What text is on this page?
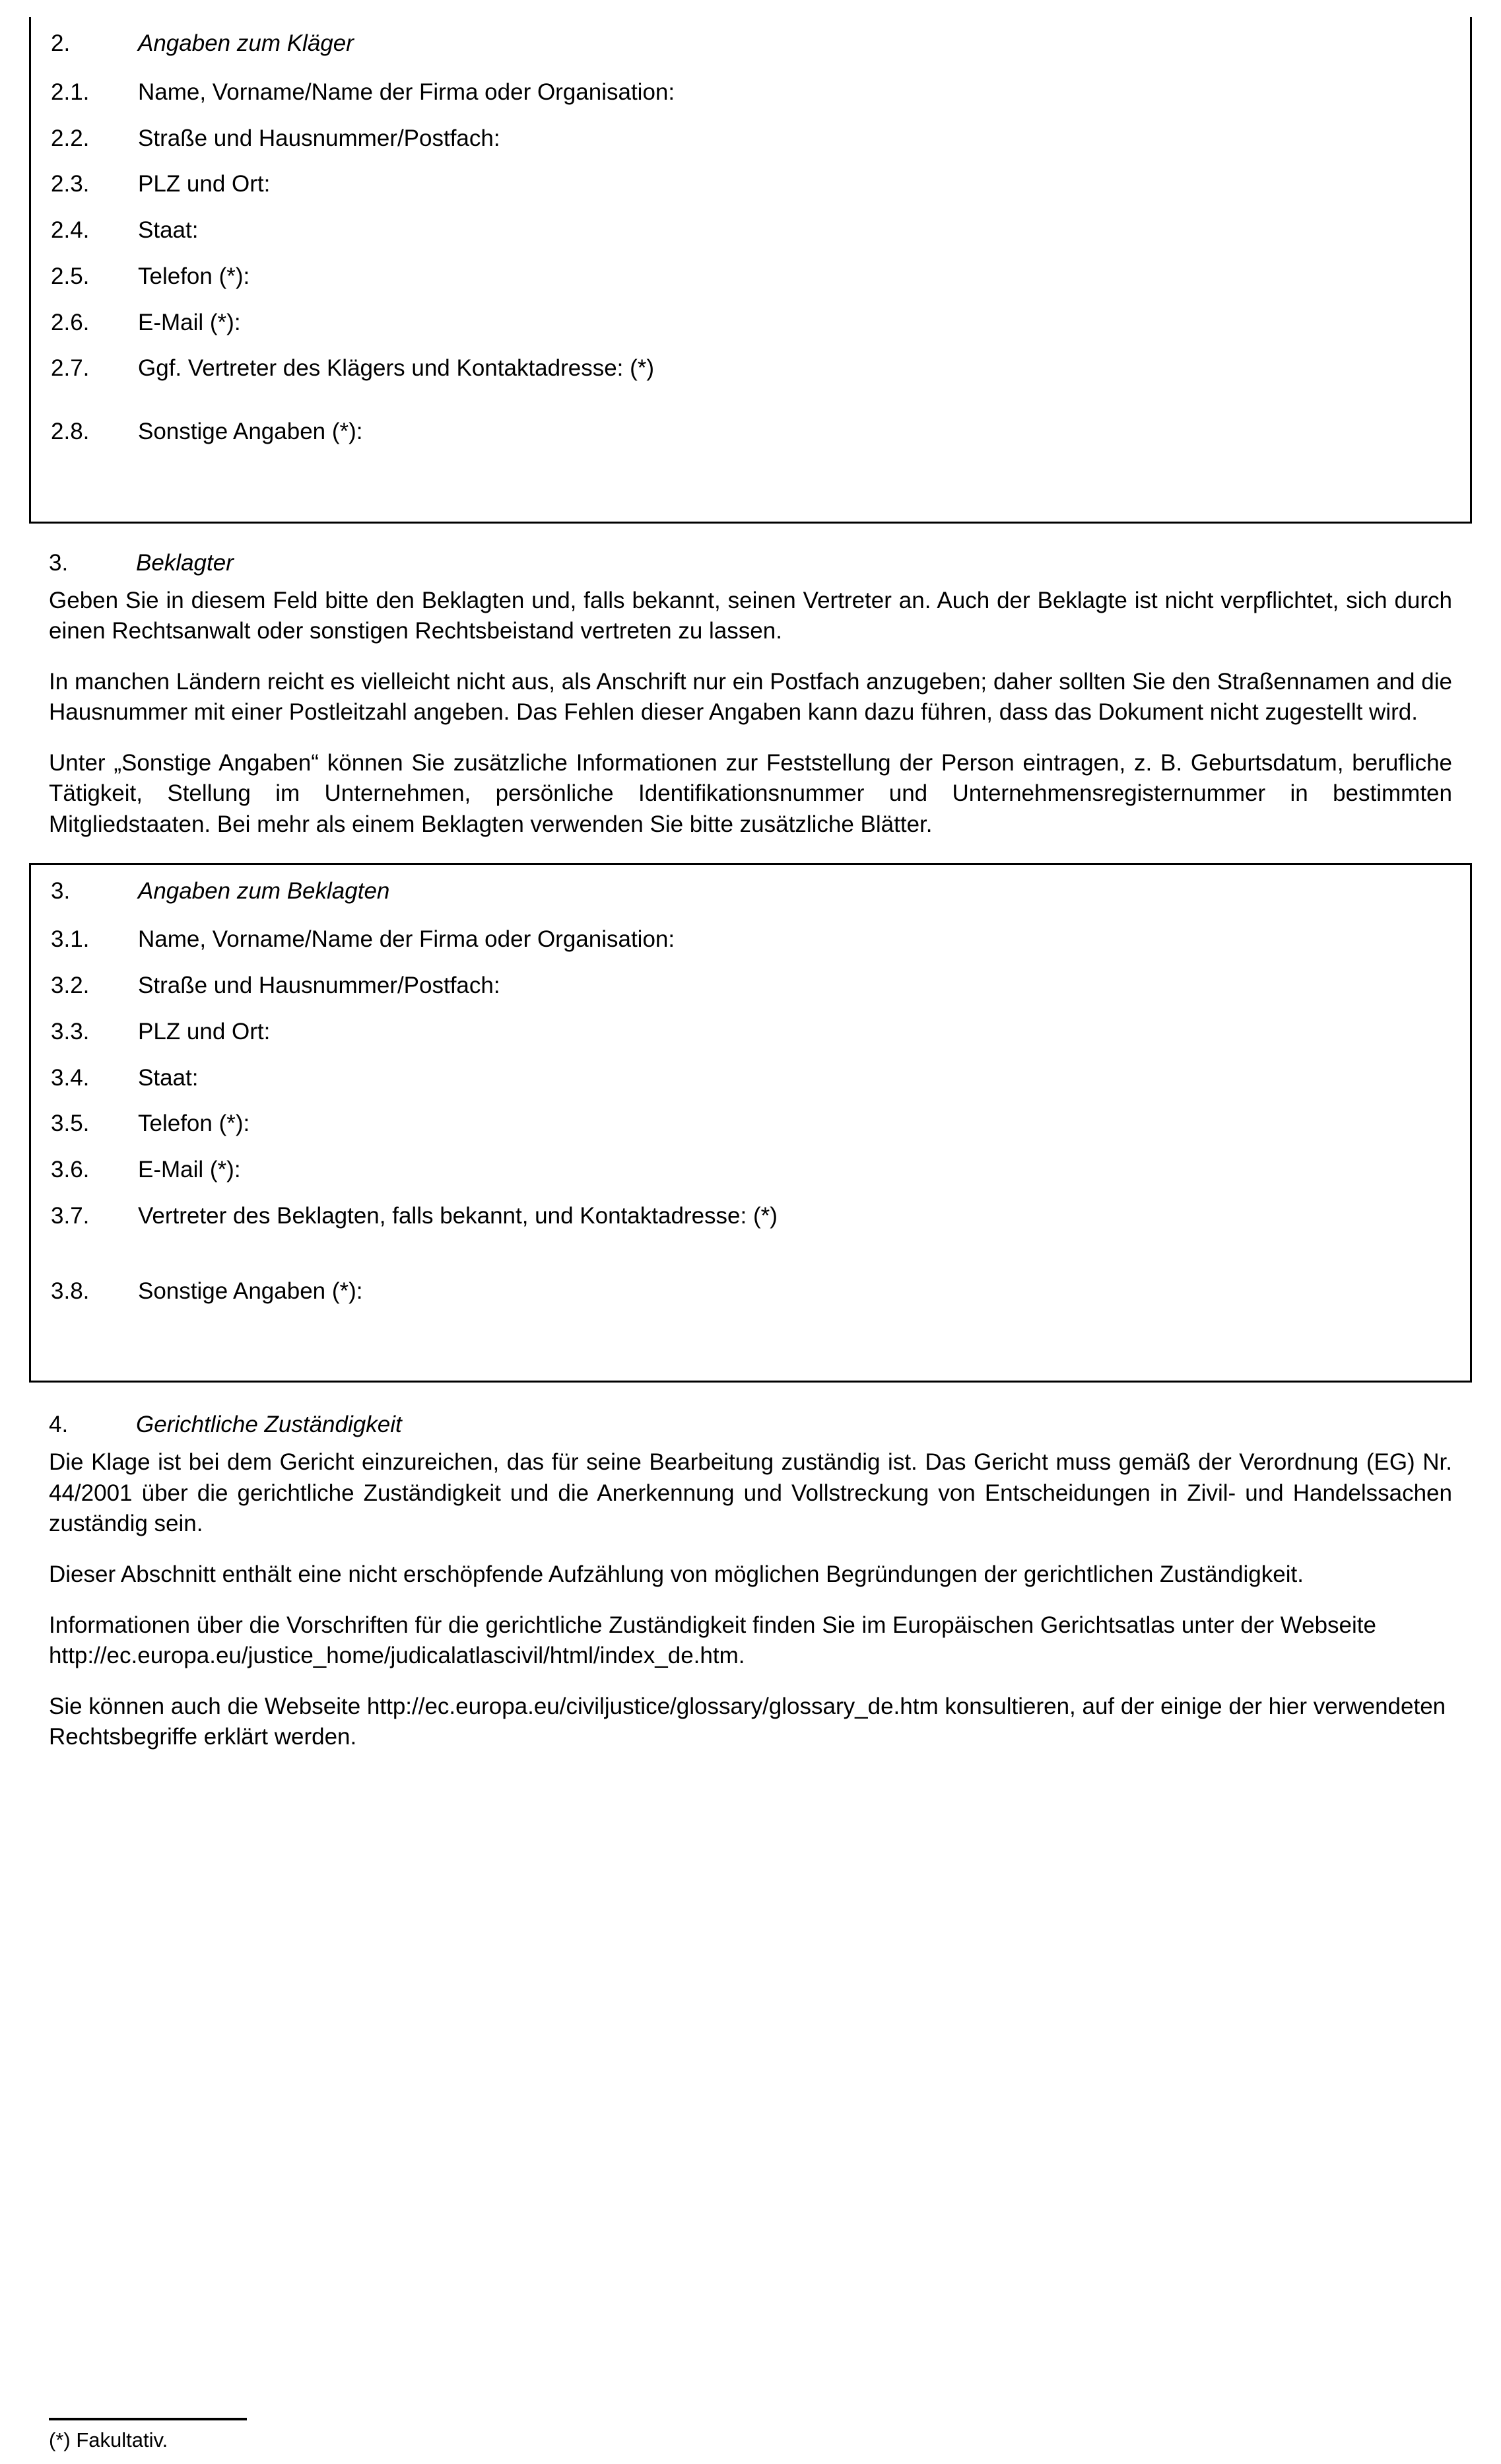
2.	Angaben zum Kläger
2.1.	Name, Vorname/Name der Firma oder Organisation:
2.2.	Straße und Hausnummer/Postfach:
2.3.	PLZ und Ort:
2.4.	Staat:
2.5.	Telefon (*):
2.6.	E-Mail (*):
2.7.	Ggf. Vertreter des Klägers und Kontaktadresse: (*)
2.8.	Sonstige Angaben (*):
3.	Beklagter

Geben Sie in diesem Feld bitte den Beklagten und, falls bekannt, seinen Vertreter an. Auch der Beklagte ist nicht verpflichtet, sich durch einen Rechtsanwalt oder sonstigen Rechtsbeistand vertreten zu lassen.

In manchen Ländern reicht es vielleicht nicht aus, als Anschrift nur ein Postfach anzugeben; daher sollten Sie den Straßennamen and die Hausnummer mit einer Postleitzahl angeben. Das Fehlen dieser Angaben kann dazu führen, dass das Dokument nicht zugestellt wird.

Unter „Sonstige Angaben“ können Sie zusätzliche Informationen zur Feststellung der Person eintragen, z. B. Geburtsdatum, berufliche Tätigkeit, Stellung im Unternehmen, persönliche Identifikationsnummer und Unternehmensregisternummer in bestimmten Mitgliedstaaten. Bei mehr als einem Beklagten verwenden Sie bitte zusätzliche Blätter.

3.	Angaben zum Beklagten
3.1.	Name, Vorname/Name der Firma oder Organisation:
3.2.	Straße und Hausnummer/Postfach:
3.3.	PLZ und Ort:
3.4.	Staat:
3.5.	Telefon (*):
3.6.	E-Mail (*):
3.7.	Vertreter des Beklagten, falls bekannt, und Kontaktadresse: (*)
3.8.	Sonstige Angaben (*):
4.	Gerichtliche Zuständigkeit

Die Klage ist bei dem Gericht einzureichen, das für seine Bearbeitung zuständig ist. Das Gericht muss gemäß der Verordnung (EG) Nr. 44/2001 über die gerichtliche Zuständigkeit und die Anerkennung und Vollstreckung von Entscheidungen in Zivil- und Handelssachen zuständig sein.

Dieser Abschnitt enthält eine nicht erschöpfende Aufzählung von möglichen Begründungen der gerichtlichen Zuständigkeit.

Informationen über die Vorschriften für die gerichtliche Zuständigkeit finden Sie im Europäischen Gerichtsatlas unter der Webseite http://ec.europa.eu/justice_home/judicalatlascivil/html/index_de.htm.

Sie können auch die Webseite http://ec.europa.eu/civiljustice/glossary/glossary_de.htm konsultieren, auf der einige der hier verwendeten Rechtsbegriffe erklärt werden.

(*) Fakultativ.
